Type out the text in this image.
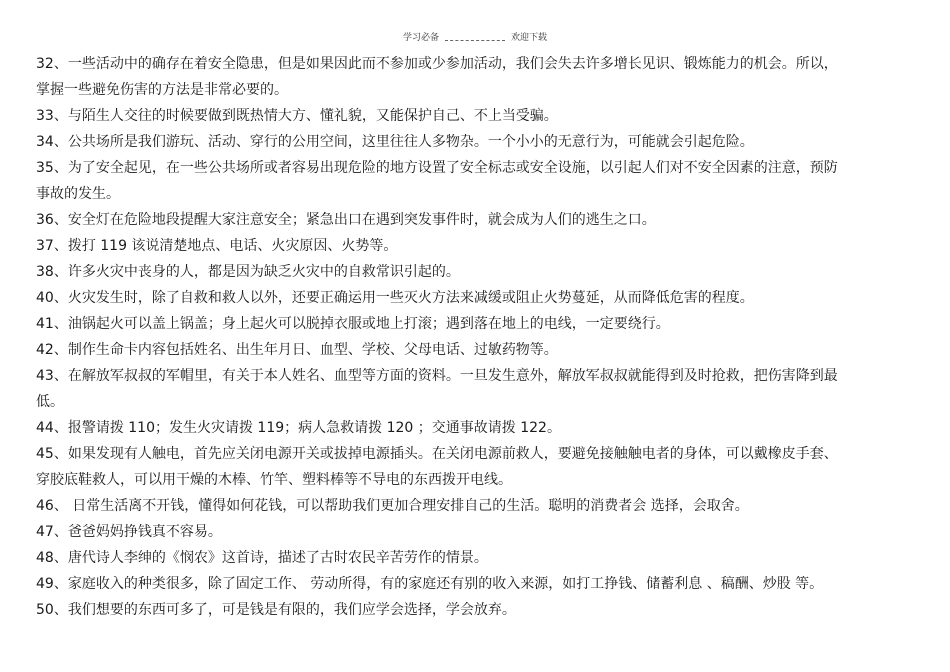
学习必备	欢迎下载
32、一些活动中的确存在着安全隐患，但是如果因此而不参加或少参加活动，我们会失去许多增长见识、锻炼能力的机会。所以，
掌握一些避免伤害的方法是非常必要的。
33、与陌生人交往的时候要做到既热情大方、懂礼貌，又能保护自己、不上当受骗。
34、公共场所是我们游玩、活动、穿行的公用空间，这里往往人多物杂。一个小小的无意行为，可能就会引起危险。
35、为了安全起见，在一些公共场所或者容易出现危险的地方设置了安全标志或安全设施，以引起人们对不安全因素的注意，预防
事故的发生。
36、安全灯在危险地段提醒大家注意安全；紧急出口在遇到突发事件时，就会成为人们的逃生之口。
37、拨打 119 该说清楚地点、电话、火灾原因、火势等。
38、许多火灾中丧身的人，都是因为缺乏火灾中的自救常识引起的。
40、火灾发生时，除了自救和救人以外，还要正确运用一些灭火方法来减缓或阻止火势蔓延，从而降低危害的程度。
41、油锅起火可以盖上锅盖；身上起火可以脱掉衣服或地上打滚；遇到落在地上的电线，一定要绕行。
42、制作生命卡内容包括姓名、出生年月日、血型、学校、父母电话、过敏药物等。
43、在解放军叔叔的军帽里，有关于本人姓名、血型等方面的资料。一旦发生意外，解放军叔叔就能得到及时抢救，把伤害降到最
低。
44、报警请拨 110；发生火灾请拨 119；病人急救请拨 120 ；交通事故请拨 122。
45、如果发现有人触电，首先应关闭电源开关或拔掉电源插头。在关闭电源前救人，要避免接触触电者的身体，可以戴橡皮手套、
穿胶底鞋救人，可以用干燥的木棒、竹竿、塑料棒等不导电的东西拨开电线。
46、 日常生活离不开钱，懂得如何花钱，可以帮助我们更加合理安排自己的生活。聪明的消费者会 选择，会取舍。
47、爸爸妈妈挣钱真不容易。
48、唐代诗人李绅的《悯农》这首诗，描述了古时农民辛苦劳作的情景。
49、家庭收入的种类很多，除了固定工作、 劳动所得，有的家庭还有别的收入来源，如打工挣钱、储蓄利息 、稿酬、炒股 等。
50、我们想要的东西可多了，可是钱是有限的，我们应学会选择，学会放弃。
